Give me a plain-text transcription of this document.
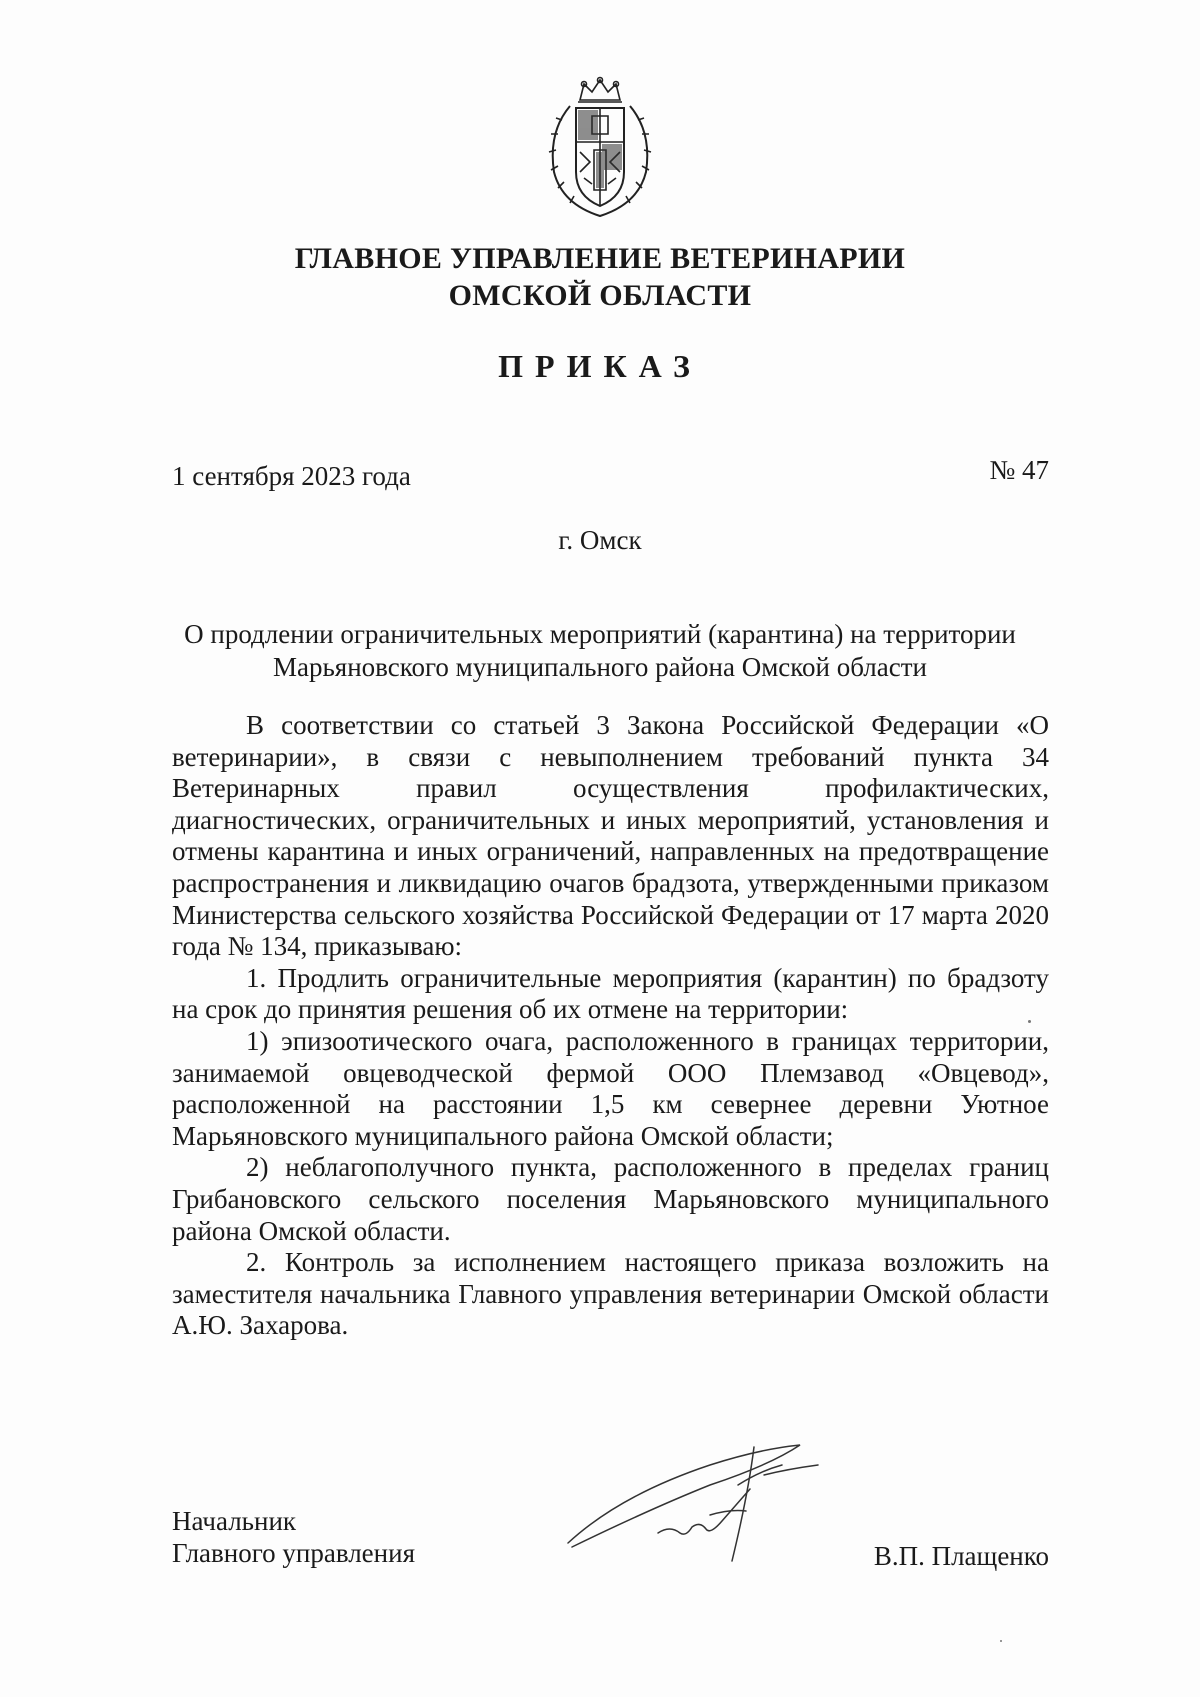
ГЛАВНОЕ УПРАВЛЕНИЕ ВЕТЕРИНАРИИ
ОМСКОЙ ОБЛАСТИ
ПРИКАЗ
1 сентября 2023 года	№ 47
г. Омск
О продлении ограничительных мероприятий (карантина) на территории
Марьяновского муниципального района Омской области

В соответствии со статьей 3 Закона Российской Федерации «О ветеринарии», в связи с невыполнением требований пункта 34 Ветеринарных правил осуществления профилактических, диагностических, ограничительных и иных мероприятий, установления и отмены карантина и иных ограничений, направленных на предотвращение распространения и ликвидацию очагов брадзота, утвержденными приказом Министерства сельского хозяйства Российской Федерации от 17 марта 2020 года № 134, приказываю:

1. Продлить ограничительные мероприятия (карантин) по брадзоту на срок до принятия решения об их отмене на территории:

1) эпизоотического очага, расположенного в границах территории, занимаемой овцеводческой фермой ООО Племзавод «Овцевод», расположенной на расстоянии 1,5 км севернее деревни Уютное Марьяновского муниципального района Омской области;

2) неблагополучного пункта, расположенного в пределах границ Грибановского сельского поселения Марьяновского муниципального района Омской области.

2. Контроль за исполнением настоящего приказа возложить на заместителя начальника Главного управления ветеринарии Омской области А.Ю. Захарова.

Начальник
Главного управления	В.П. Плащенко
